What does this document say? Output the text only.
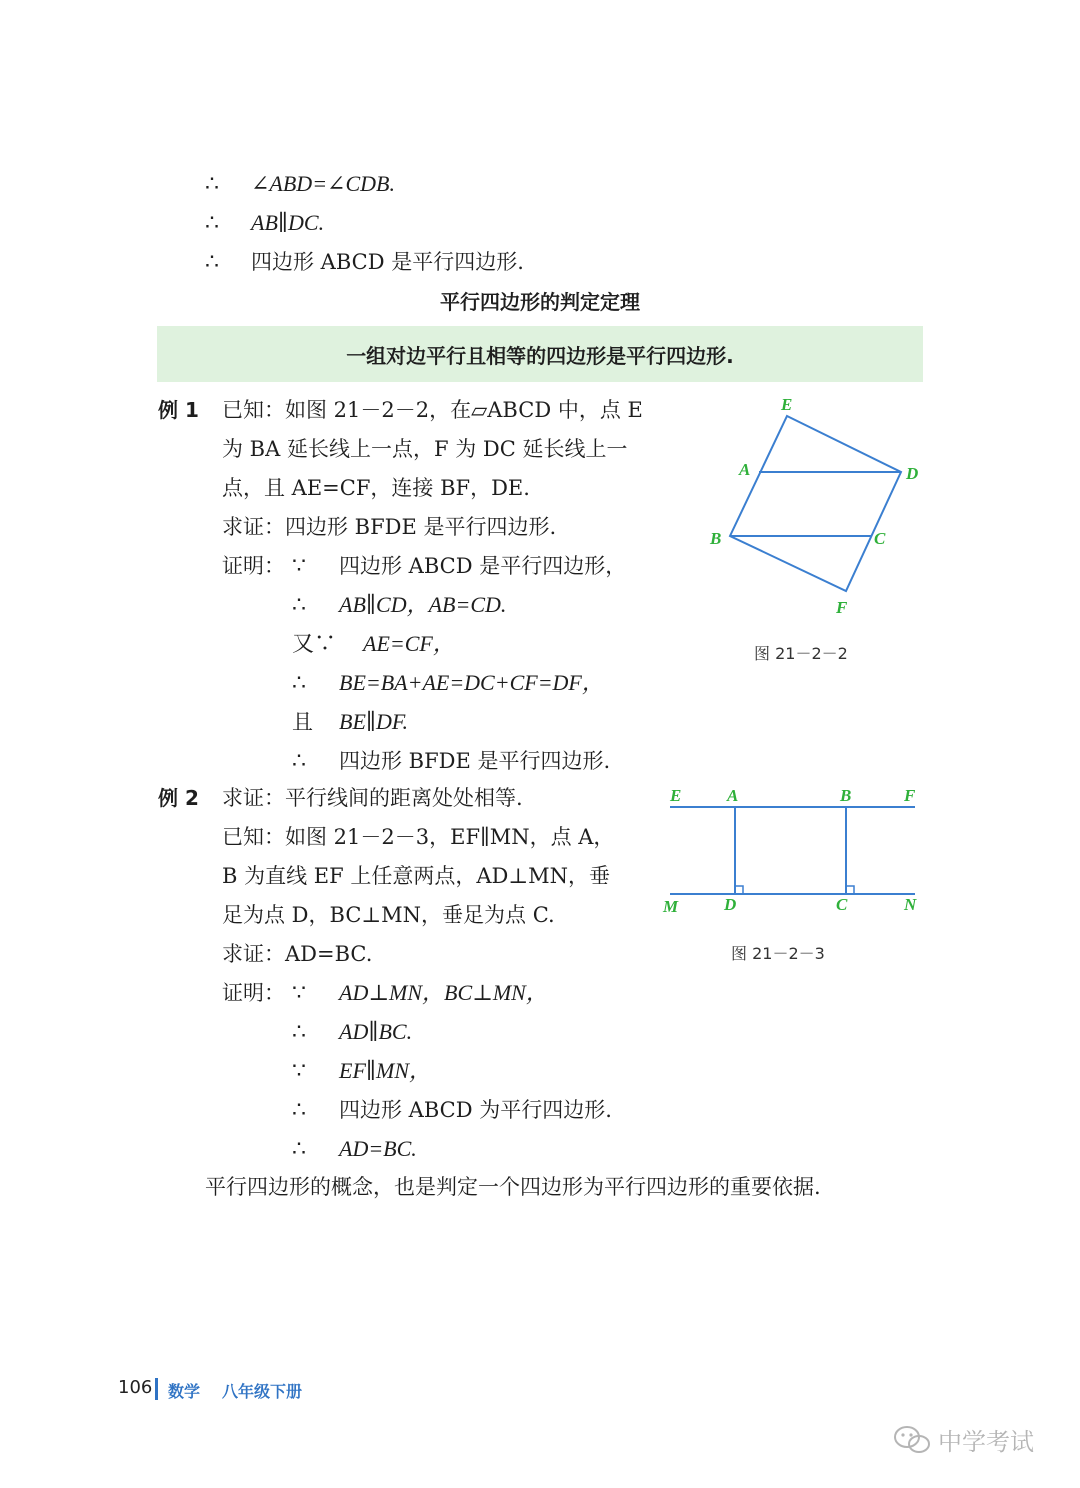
∴ ∠ABD=∠CDB.
∴ AB∥DC.
∴ 四边形 ABCD 是平行四边形.
平行四边形的判定定理
一组对边平行且相等的四边形是平行四边形.
例 1 已知：如图 21－2－2，在▱ABCD 中，点 E
为 BA 延长线上一点，F 为 DC 延长线上一
点，且 AE=CF，连接 BF，DE.
求证：四边形 BFDE 是平行四边形.
证明： ∵ 四边形 ABCD 是平行四边形，
∴ AB∥CD，AB=CD.
又∵ AE=CF，
∴ BE=BA+AE=DC+CF=DF，
且 BE∥DF.
∴ 四边形 BFDE 是平行四边形.
E
A	D
B	C
F
图 21－2－2
例 2 求证：平行线间的距离处处相等.
已知：如图 21－2－3，EF∥MN，点 A，
B 为直线 EF 上任意两点，AD⊥MN，垂
足为点 D，BC⊥MN，垂足为点 C.
求证：AD=BC.
证明： ∵ AD⊥MN，BC⊥MN，
∴ AD∥BC.
∵ EF∥MN，
∴ 四边形 ABCD 为平行四边形.
∴ AD=BC.
E	A	B	F
M	D	C	N
图 21－2－3
平行四边形的概念，也是判定一个四边形为平行四边形的重要依据.
106 数学 八年级下册
中学考试
